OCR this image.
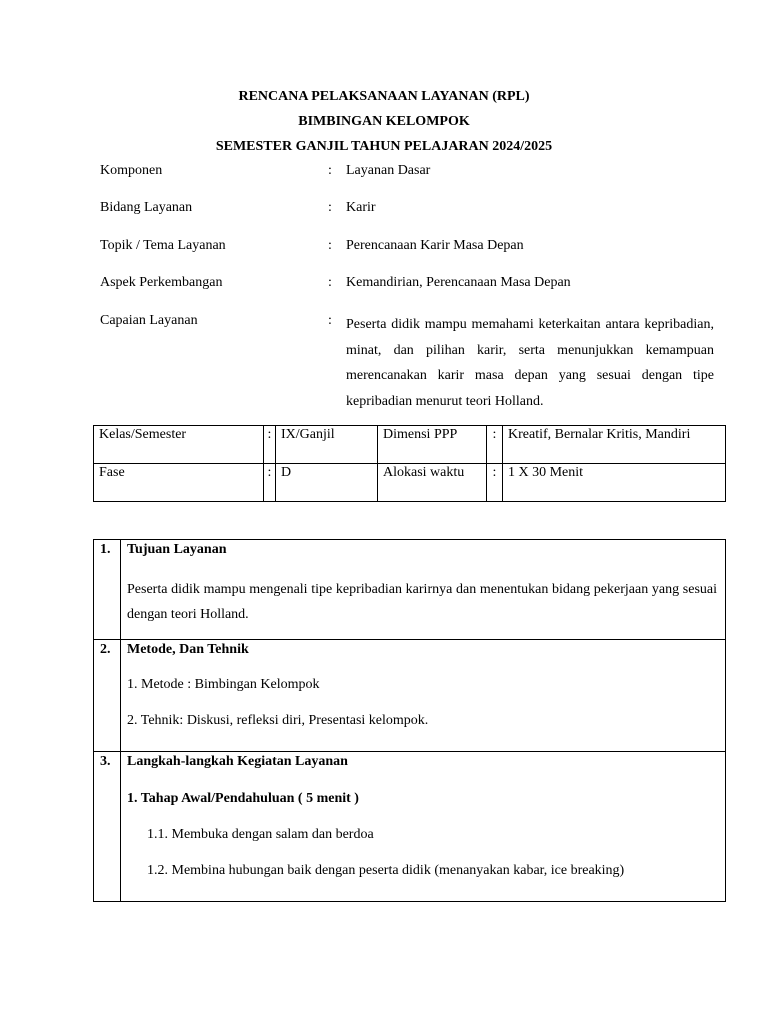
RENCANA PELAKSANAAN LAYANAN (RPL)
BIMBINGAN KELOMPOK
SEMESTER GANJIL TAHUN PELAJARAN 2024/2025
Komponen	: Layanan Dasar
Bidang Layanan	: Karir
Topik / Tema Layanan	: Perencanaan Karir Masa Depan
Aspek Perkembangan	: Kemandirian, Perencanaan Masa Depan
Capaian Layanan	: Peserta didik mampu memahami keterkaitan antara kepribadian, minat, dan pilihan karir, serta menunjukkan kemampuan merencanakan karir masa depan yang sesuai dengan tipe kepribadian menurut teori Holland.
Kelas/Semester	:	IX/Ganjil	Dimensi PPP	:	Kreatif, Bernalar Kritis, Mandiri
Fase	:	D	Alokasi waktu	:	1 X 30 Menit
1.	Tujuan Layanan

Peserta didik mampu mengenali tipe kepribadian karirnya dan menentukan bidang pekerjaan yang sesuai dengan teori Holland.

2.	Metode, Dan Tehnik

1. Metode : Bimbingan Kelompok

2. Tehnik: Diskusi, refleksi diri, Presentasi kelompok.

3.	Langkah-langkah Kegiatan Layanan

1. Tahap Awal/Pendahuluan ( 5 menit )

1.1. Membuka dengan salam dan berdoa

1.2. Membina hubungan baik dengan peserta didik (menanyakan kabar, ice breaking)
